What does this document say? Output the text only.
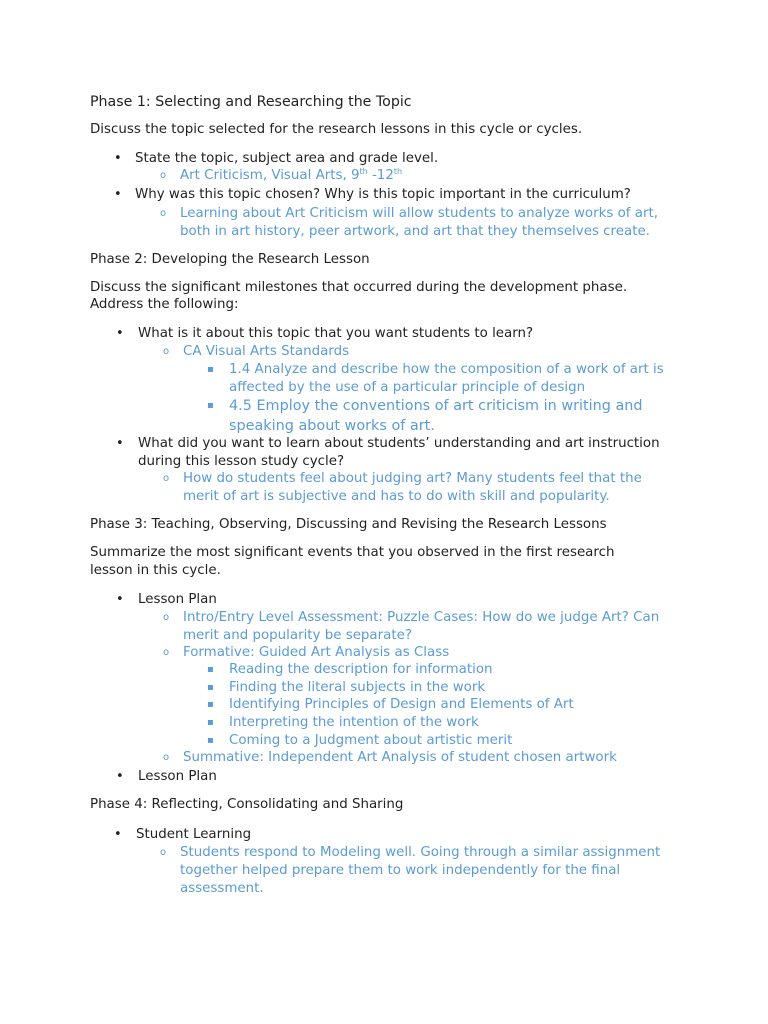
Phase 1: Selecting and Researching the Topic
Discuss the topic selected for the research lessons in this cycle or cycles.
• State the topic, subject area and grade level.
o Art Criticism, Visual Arts, 9th -12th
• Why was this topic chosen? Why is this topic important in the curriculum?
o Learning about Art Criticism will allow students to analyze works of art,
both in art history, peer artwork, and art that they themselves create.
Phase 2: Developing the Research Lesson
Discuss the significant milestones that occurred during the development phase.
Address the following:
• What is it about this topic that you want students to learn?
o CA Visual Arts Standards
▪ 1.4 Analyze and describe how the composition of a work of art is
affected by the use of a particular principle of design
▪ 4.5 Employ the conventions of art criticism in writing and
speaking about works of art.
• What did you want to learn about students’ understanding and art instruction
during this lesson study cycle?
o How do students feel about judging art? Many students feel that the
merit of art is subjective and has to do with skill and popularity.
Phase 3: Teaching, Observing, Discussing and Revising the Research Lessons
Summarize the most significant events that you observed in the first research
lesson in this cycle.
• Lesson Plan
o Intro/Entry Level Assessment: Puzzle Cases: How do we judge Art? Can
merit and popularity be separate?
o Formative: Guided Art Analysis as Class
▪ Reading the description for information
▪ Finding the literal subjects in the work
▪ Identifying Principles of Design and Elements of Art
▪ Interpreting the intention of the work
▪ Coming to a Judgment about artistic merit
o Summative: Independent Art Analysis of student chosen artwork
• Lesson Plan
Phase 4: Reflecting, Consolidating and Sharing
• Student Learning
o Students respond to Modeling well. Going through a similar assignment
together helped prepare them to work independently for the final
assessment.
